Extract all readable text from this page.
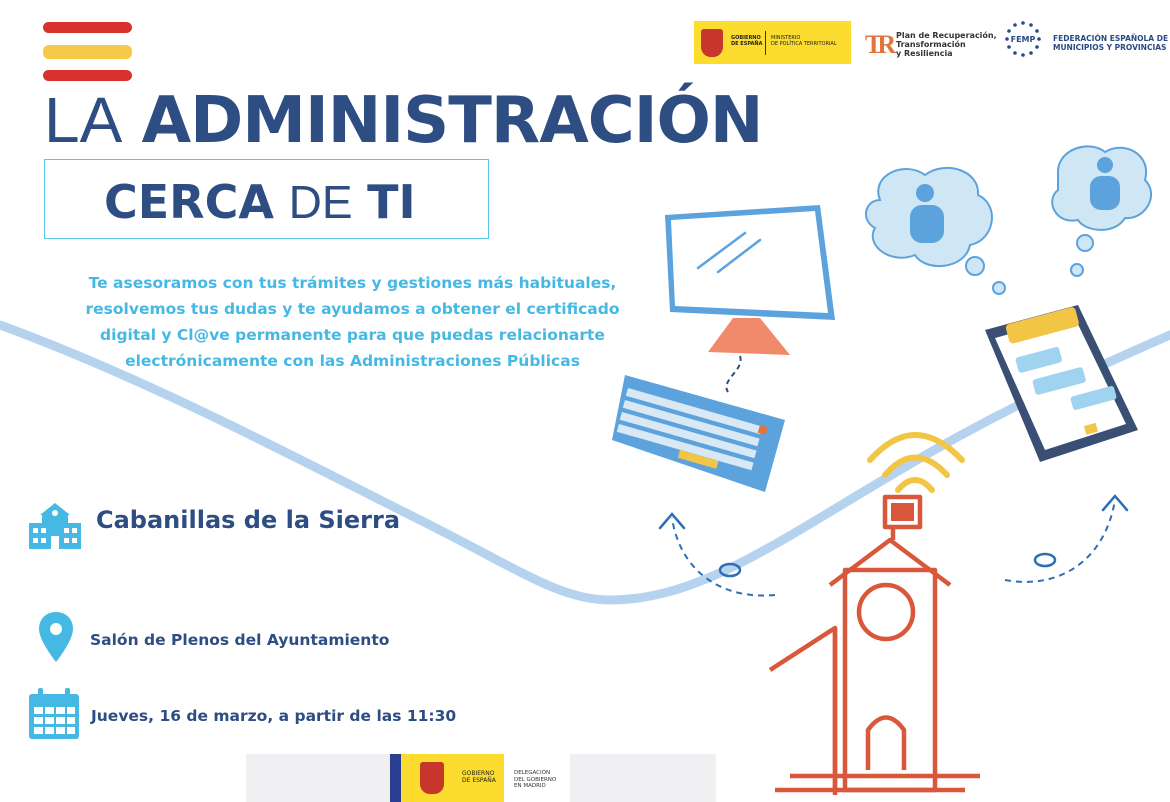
LA ADMINISTRACIÓN
CERCA DE TI
Te asesoramos con tus trámites y gestiones más habituales, resolvemos tus dudas y te ayudamos a obtener el certificado digital y Cl@ve permanente para que puedas relacionarte electrónicamente con las Administraciones Públicas
GOBIERNO
DE ESPAÑA
MINISTERIO
DE POLÍTICA TERRITORIAL TR Plan de Recuperación,
Transformación
y Resiliencia
FEMP FEDERACIÓN ESPAÑOLA DE
MUNICIPIOS Y PROVINCIAS
Cabanillas de la Sierra
Salón de Plenos del Ayuntamiento
Jueves, 16 de marzo, a partir de las 11:30
GOBIERNO
DE ESPAÑA
DELEGACIÓN
DEL GOBIERNO
EN MADRID
